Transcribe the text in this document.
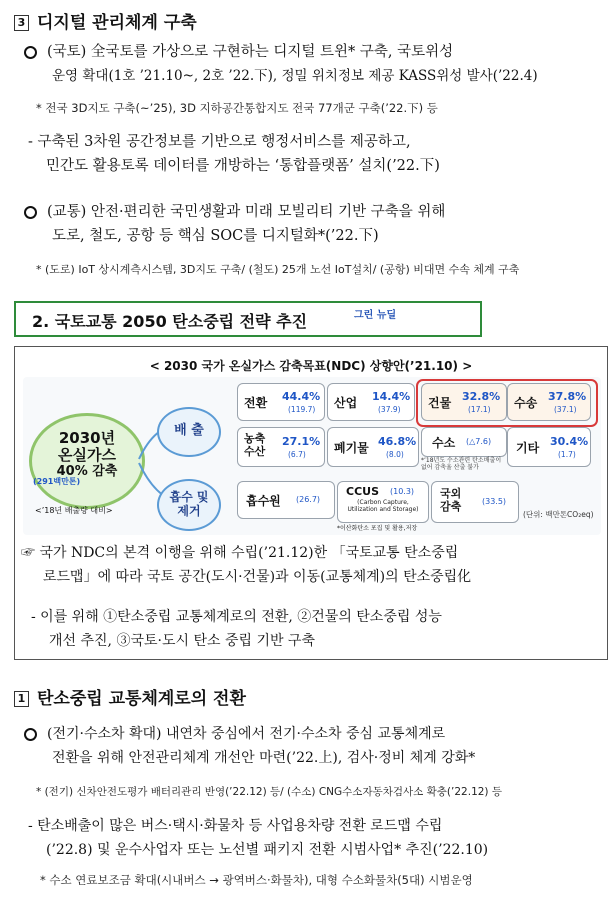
3 디지털 관리체계 구축
(국토) 全국토를 가상으로 구현하는 디지털 트윈* 구축, 국토위성
운영 확대(1호 ’21.10~, 2호 ’22.下), 정밀 위치정보 제공 KASS위성 발사(’22.4)
* 전국 3D지도 구축(~’25), 3D 지하공간통합지도 전국 77개군 구축(’22.下) 등
- 구축된 3차원 공간정보를 기반으로 행정서비스를 제공하고,
민간도 활용토록 데이터를 개방하는 ‘통합플랫폼’ 설치(’22.下)
(교통) 안전·편리한 국민생활과 미래 모빌리티 기반 구축을 위해
도로, 철도, 공항 등 핵심 SOC를 디지털화*(’22.下)
* (도로) IoT 상시계측시스템, 3D지도 구축/ (철도) 25개 노선 IoT설치/ (공항) 비대면 수속 체계 구축
2. 국토교통 2050 탄소중립 전략 추진	그린 뉴딜
< 2030 국가 온실가스 감축목표(NDC) 상향안(’21.10) >
2030년
온실가스
40% 감축
(291백만톤)
<’18년 배출량 대비>
배 출
흡수 및
제거
전환 44.4%
(119.7) 산업 14.4%
(37.9) 건물 32.8%
(17.1) 수송 37.8%
(37.1)
농축
수산
27.1%
(6.7) 폐기물 46.8%
(8.0)
수소 (△7.6)
*’18년도 수소관련 탄소배출이
없어 감축율 산출 불가
기타 30.4%
(1.7)
흡수원 (26.7)
CCUS (10.3)
(Carbon Capture,
Utilization and Storage)
국외
감축	(33.5)
*이산화탄소 포집 및 활용,저장
(단위: 백만톤CO₂eq)
☞ 국가 NDC의 본격 이행을 위해 수립(’21.12)한 「국토교통 탄소중립
로드맵」에 따라 국토 공간(도시·건물)과 이동(교통체계)의 탄소중립化
- 이를 위해 ①탄소중립 교통체계로의 전환, ②건물의 탄소중립 성능
개선 추진, ③국토·도시 탄소 중립 기반 구축
1 탄소중립 교통체계로의 전환
(전기·수소차 확대) 내연차 중심에서 전기·수소차 중심 교통체계로
전환을 위해 안전관리체계 개선안 마련(’22.上), 검사·정비 체계 강화*
* (전기) 신차안전도평가 배터리관리 반영(’22.12) 등/ (수소) CNG수소자동차검사소 확충(’22.12) 등
- 탄소배출이 많은 버스·택시·화물차 등 사업용차량 전환 로드맵 수립
(’22.8) 및 운수사업자 또는 노선별 패키지 전환 시범사업* 추진(’22.10)
* 수소 연료보조금 확대(시내버스 → 광역버스·화물차), 대형 수소화물차(5대) 시범운영
